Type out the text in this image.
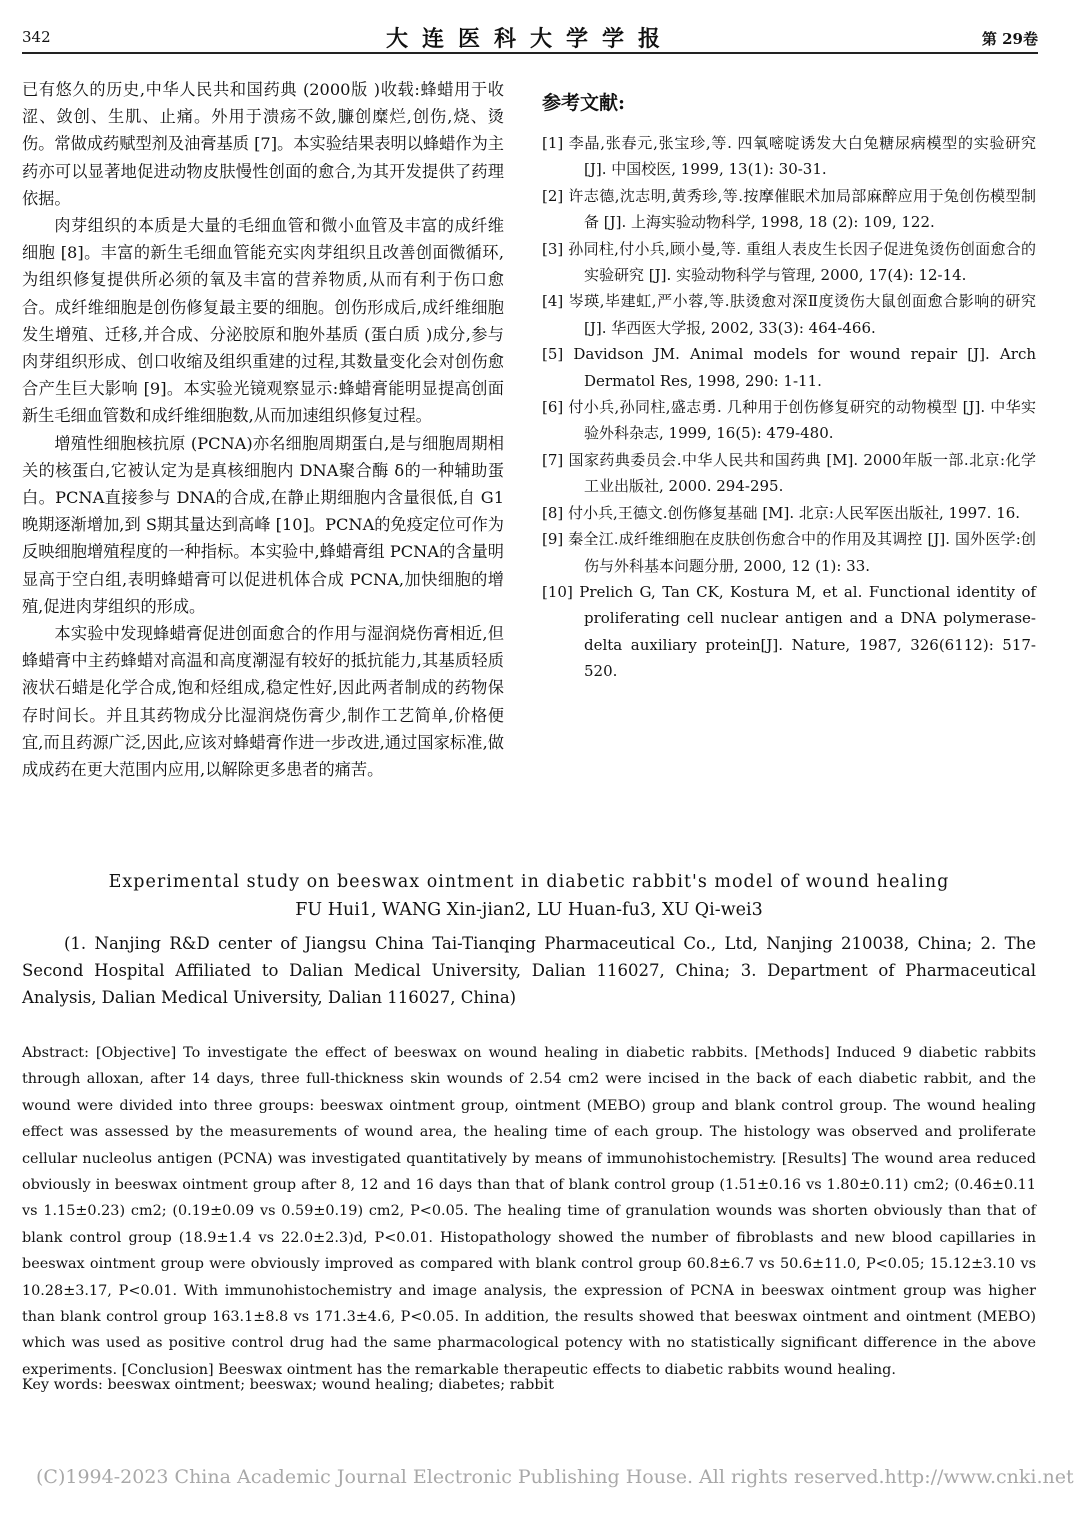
342	大连医科大学学报	第 29卷

已有悠久的历史,中华人民共和国药典 (2000版 )收载:蜂蜡用于收涩、敛创、生肌、止痛。外用于溃疡不敛,臁创糜烂,创伤,烧、烫伤。常做成药赋型剂及油膏基质 [7]。本实验结果表明以蜂蜡作为主药亦可以显著地促进动物皮肤慢性创面的愈合,为其开发提供了药理依据。

肉芽组织的本质是大量的毛细血管和微小血管及丰富的成纤维细胞 [8]。丰富的新生毛细血管能充实肉芽组织且改善创面微循环,为组织修复提供所必须的氧及丰富的营养物质,从而有利于伤口愈合。成纤维细胞是创伤修复最主要的细胞。创伤形成后,成纤维细胞发生增殖、迁移,并合成、分泌胶原和胞外基质 (蛋白质 )成分,参与肉芽组织形成、创口收缩及组织重建的过程,其数量变化会对创伤愈合产生巨大影响 [9]。本实验光镜观察显示:蜂蜡膏能明显提高创面新生毛细血管数和成纤维细胞数,从而加速组织修复过程。

增殖性细胞核抗原 (PCNA)亦名细胞周期蛋白,是与细胞周期相关的核蛋白,它被认定为是真核细胞内 DNA聚合酶 δ的一种辅助蛋白。PCNA直接参与 DNA的合成,在静止期细胞内含量很低,自 G1晚期逐渐增加,到 S期其量达到高峰 [10]。PCNA的免疫定位可作为反映细胞增殖程度的一种指标。本实验中,蜂蜡膏组 PCNA的含量明显高于空白组,表明蜂蜡膏可以促进机体合成 PCNA,加快细胞的增殖,促进肉芽组织的形成。

本实验中发现蜂蜡膏促进创面愈合的作用与湿润烧伤膏相近,但蜂蜡膏中主药蜂蜡对高温和高度潮湿有较好的抵抗能力,其基质轻质液状石蜡是化学合成,饱和烃组成,稳定性好,因此两者制成的药物保存时间长。并且其药物成分比湿润烧伤膏少,制作工艺简单,价格便宜,而且药源广泛,因此,应该对蜂蜡膏作进一步改进,通过国家标准,做成成药在更大范围内应用,以解除更多患者的痛苦。

参考文献:

[1] 李晶,张春元,张宝珍,等. 四氧嘧啶诱发大白兔糖尿病模型的实验研究 [J]. 中国校医, 1999, 13(1): 30-31.

[2] 许志德,沈志明,黄秀珍,等.按摩催眠术加局部麻醉应用于兔创伤模型制备 [J]. 上海实验动物科学, 1998, 18 (2): 109, 122.

[3] 孙同柱,付小兵,顾小曼,等. 重组人表皮生长因子促进兔烫伤创面愈合的实验研究 [J]. 实验动物科学与管理, 2000, 17(4): 12-14.

[4] 岑瑛,毕建虹,严小蓉,等.肤烫愈对深Ⅱ度烫伤大鼠创面愈合影响的研究 [J]. 华西医大学报, 2002, 33(3): 464-466.

[5] Davidson JM. Animal models for wound repair [J]. Arch Dermatol Res, 1998, 290: 1-11.

[6] 付小兵,孙同柱,盛志勇. 几种用于创伤修复研究的动物模型 [J]. 中华实验外科杂志, 1999, 16(5): 479-480.

[7] 国家药典委员会.中华人民共和国药典 [M]. 2000年版一部.北京:化学工业出版社, 2000. 294-295.

[8] 付小兵,王德文.创伤修复基础 [M]. 北京:人民军医出版社, 1997. 16.

[9] 秦全江.成纤维细胞在皮肤创伤愈合中的作用及其调控 [J]. 国外医学:创伤与外科基本问题分册, 2000, 12 (1): 33.

[10] Prelich G, Tan CK, Kostura M, et al. Functional identity of proliferating cell nuclear antigen and a DNA polymerase-delta auxiliary protein[J]. Nature, 1987, 326(6112): 517-520.

Experimental study on beeswax ointment in diabetic rabbit's model of wound healing
FU Hui1, WANG Xin-jian2, LU Huan-fu3, XU Qi-wei3
(1. Nanjing R&D center of Jiangsu China Tai-Tianqing Pharmaceutical Co., Ltd, Nanjing 210038, China; 2. The Second Hospital Affiliated to Dalian Medical University, Dalian 116027, China; 3. Department of Pharmaceutical Analysis, Dalian Medical University, Dalian 116027, China)
Abstract: [Objective] To investigate the effect of beeswax on wound healing in diabetic rabbits. [Methods] Induced 9 diabetic rabbits through alloxan, after 14 days, three full-thickness skin wounds of 2.54 cm2 were incised in the back of each diabetic rabbit, and the wound were divided into three groups: beeswax ointment group, ointment (MEBO) group and blank control group. The wound healing effect was assessed by the measurements of wound area, the healing time of each group. The histology was observed and proliferate cellular nucleolus antigen (PCNA) was investigated quantitatively by means of immunohistochemistry. [Results] The wound area reduced obviously in beeswax ointment group after 8, 12 and 16 days than that of blank control group (1.51±0.16 vs 1.80±0.11) cm2; (0.46±0.11 vs 1.15±0.23) cm2; (0.19±0.09 vs 0.59±0.19) cm2, P<0.05. The healing time of granulation wounds was shorten obviously than that of blank control group (18.9±1.4 vs 22.0±2.3)d, P<0.01. Histopathology showed the number of fibroblasts and new blood capillaries in beeswax ointment group were obviously improved as compared with blank control group 60.8±6.7 vs 50.6±11.0, P<0.05; 15.12±3.10 vs 10.28±3.17, P<0.01. With immunohistochemistry and image analysis, the expression of PCNA in beeswax ointment group was higher than blank control group 163.1±8.8 vs 171.3±4.6, P<0.05. In addition, the results showed that beeswax ointment and ointment (MEBO) which was used as positive control drug had the same pharmacological potency with no statistically significant difference in the above experiments. [Conclusion] Beeswax ointment has the remarkable therapeutic effects to diabetic rabbits wound healing.
Key words: beeswax ointment; beeswax; wound healing; diabetes; rabbit
(C)1994-2023 China Academic Journal Electronic Publishing House. All rights reserved. http://www.cnki.net
